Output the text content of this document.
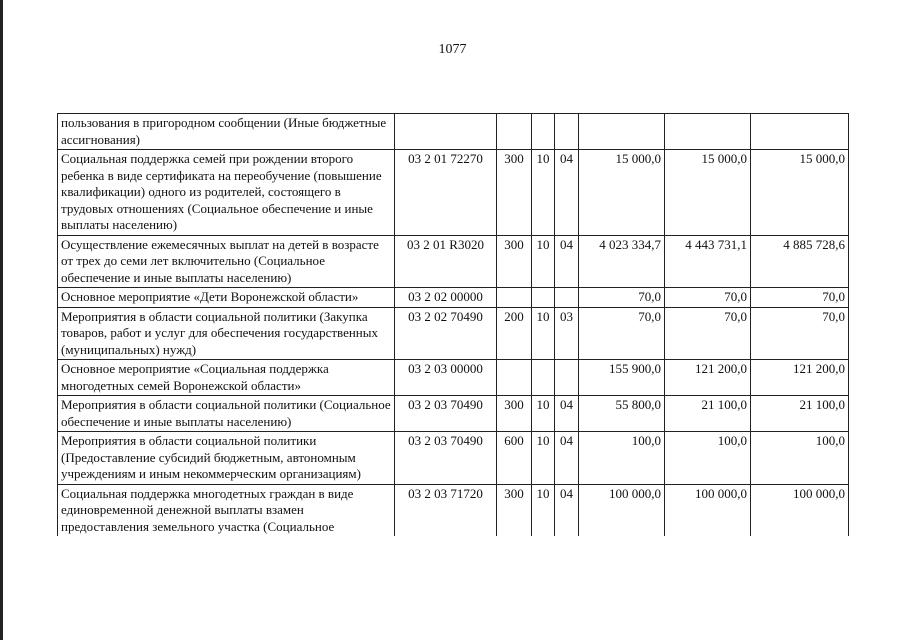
1077
пользования в пригородном сообщении (Иные бюджетные ассигнования)							
Социальная поддержка семей при рождении второго ребенка в виде сертификата на переобучение (повышение квалификации) одного из родителей, состоящего в трудовых отношениях (Социальное обеспечение и иные выплаты населению)	03 2 01 72270	300	10	04	15 000,0	15 000,0	15 000,0
Осуществление ежемесячных выплат на детей в возрасте от трех до семи лет включительно (Социальное обеспечение и иные выплаты населению)	03 2 01 R3020	300	10	04	4 023 334,7	4 443 731,1	4 885 728,6
Основное мероприятие «Дети Воронежской области»	03 2 02 00000				70,0	70,0	70,0
Мероприятия в области социальной политики (Закупка товаров, работ и услуг для обеспечения государственных (муниципальных) нужд)	03 2 02 70490	200	10	03	70,0	70,0	70,0
Основное мероприятие «Социальная поддержка многодетных семей Воронежской области»	03 2 03 00000				155 900,0	121 200,0	121 200,0
Мероприятия в области социальной политики (Социальное обеспечение и иные выплаты населению)	03 2 03 70490	300	10	04	55 800,0	21 100,0	21 100,0
Мероприятия в области социальной политики (Предоставление субсидий бюджетным, автономным учреждениям и иным некоммерческим организациям)	03 2 03 70490	600	10	04	100,0	100,0	100,0
Социальная поддержка многодетных граждан в виде единовременной денежной выплаты взамен предоставления земельного участка (Социальное	03 2 03 71720	300	10	04	100 000,0	100 000,0	100 000,0
